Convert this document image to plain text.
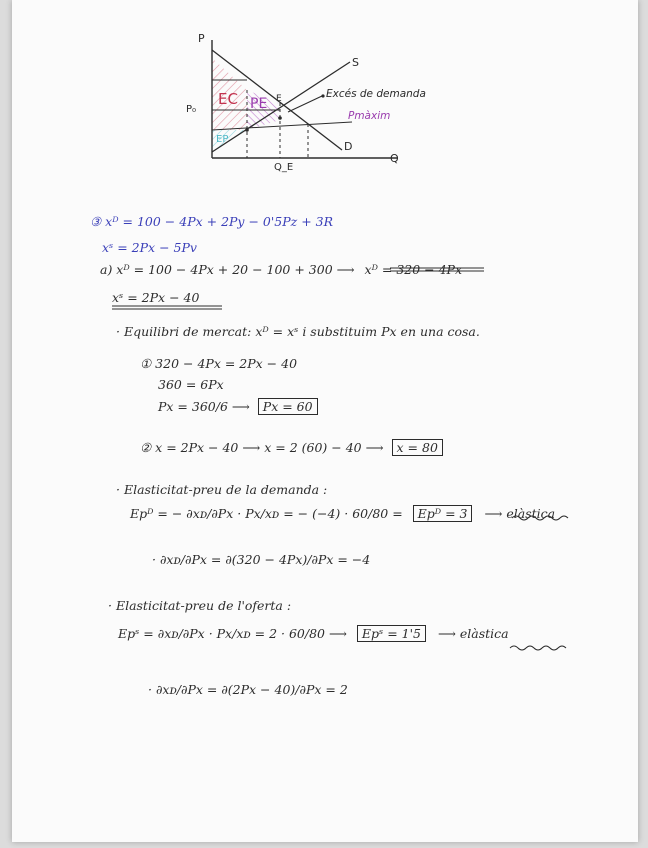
P
Q
S
D
P₀
Q_E
E
EC PE
EP
Excés de demanda
Pmàxim
③ xᴰ = 100 − 4Px + 2Py − 0'5Pz + 3R
xˢ = 2Px − 5Pv
a) xᴰ = 100 − 4Px + 20 − 100 + 300 ⟶ xᴰ = 320 − 4Px
xˢ = 2Px − 40
· Equilibri de mercat: xᴰ = xˢ i substituim Px en una cosa.
① 320 − 4Px = 2Px − 40
360 = 6Px
Px = 360/6 ⟶ Px = 60
② x = 2Px − 40 ⟶ x = 2 (60) − 40 ⟶ x = 80
· Elasticitat-preu de la demanda :
Epᴰ = − ∂xᴅ/∂Px · Px/xᴅ = − (−4) · 60/80 = Epᴰ = 3 ⟶ elàstica
· ∂xᴅ/∂Px = ∂(320 − 4Px)/∂Px = −4
· Elasticitat-preu de l'oferta :
Epˢ = ∂xᴅ/∂Px · Px/xᴅ = 2 · 60/80 ⟶ Epˢ = 1'5 ⟶ elàstica
· ∂xᴅ/∂Px = ∂(2Px − 40)/∂Px = 2
